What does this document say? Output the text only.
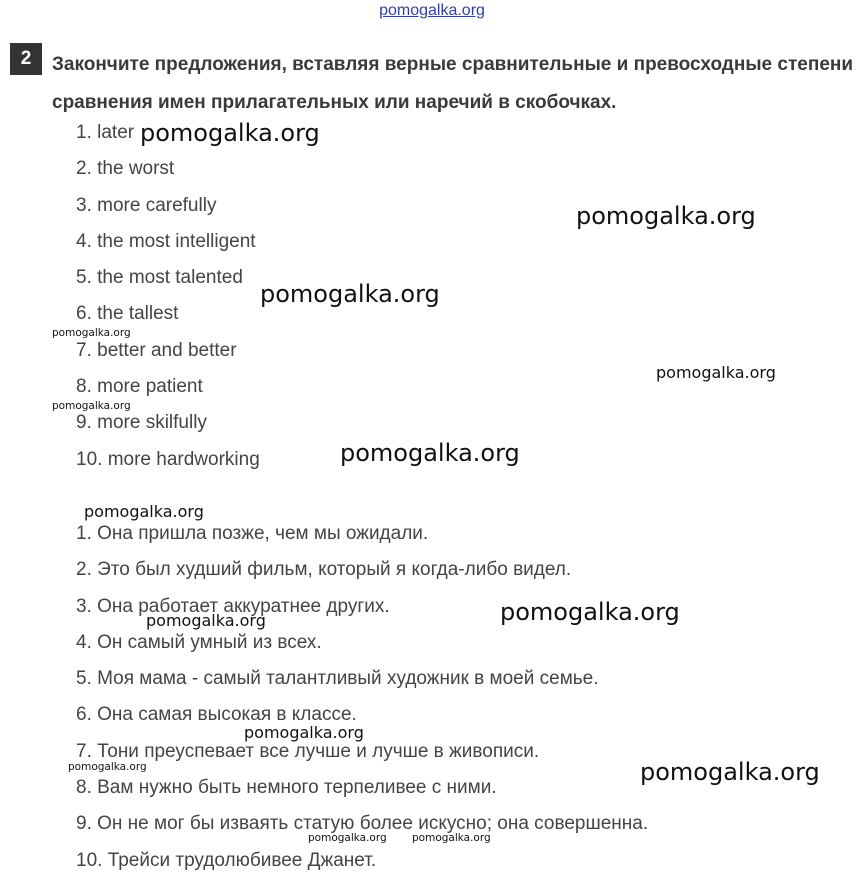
pomogalka.org
2	Закончите предложения, вставляя верные сравнительные и превосходные степени сравнения имен прилагательных или наречий в скобочках.
1. later
2. the worst
3. more carefully
4. the most intelligent
5. the most talented
6. the tallest
7. better and better
8. more patient
9. more skilfully
10. more hardworking
1. Она пришла позже, чем мы ожидали.
2. Это был худший фильм, который я когда-либо видел.
3. Она работает аккуратнее других.
4. Он самый умный из всех.
5. Моя мама - самый талантливый художник в моей семье.
6. Она самая высокая в классе.
7. Тони преуспевает все лучше и лучше в живописи.
8. Вам нужно быть немного терпеливее с ними.
9. Он не мог бы изваять статую более искусно; она совершенна.
10. Трейси трудолюбивее Джанет.
pomogalka.org
pomogalka.org
pomogalka.org
pomogalka.org
pomogalka.org
pomogalka.org
pomogalka.org
pomogalka.org
pomogalka.org
pomogalka.org
pomogalka.org
pomogalka.org	pomogalka.org
pomogalka.org pomogalka.org
